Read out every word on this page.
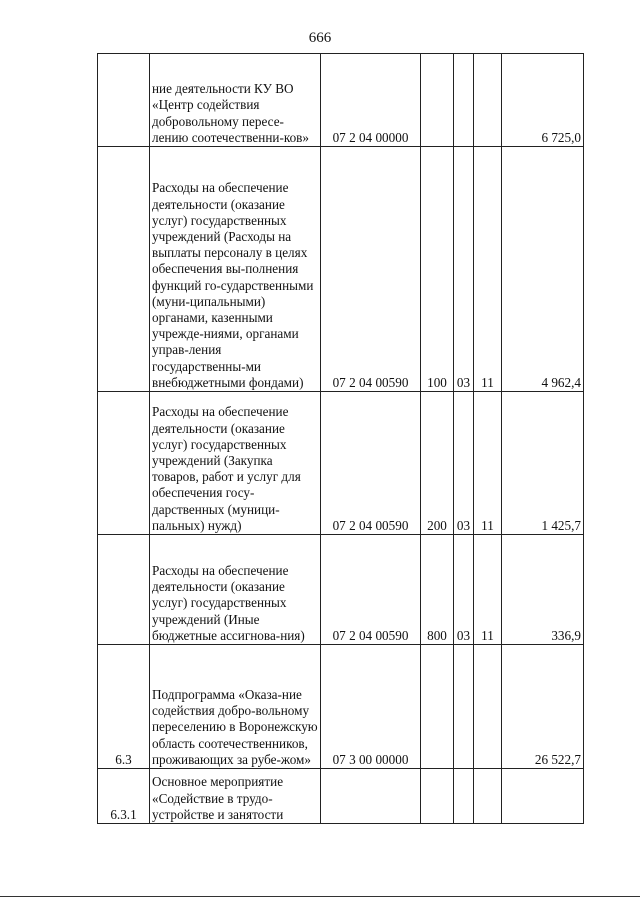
666
	ние деятельности КУ ВО «Центр содействия добровольному пересе-лению соотечественни-ков»	07 2 04 00000				6 725,0
	Расходы на обеспечение деятельности (оказание услуг) государственных учреждений (Расходы на выплаты персоналу в целях обеспечения вы-полнения функций го-сударственными (муни-ципальными) органами, казенными учрежде-ниями, органами управ-ления государственны-ми внебюджетными фондами)	07 2 04 00590	100	03	11	4 962,4
	Расходы на обеспечение деятельности (оказание услуг) государственных учреждений (Закупка товаров, работ и услуг для обеспечения госу-дарственных (муници-пальных) нужд)	07 2 04 00590	200	03	11	1 425,7
	Расходы на обеспечение деятельности (оказание услуг) государственных учреждений (Иные бюджетные ассигнова-ния)	07 2 04 00590	800	03	11	336,9
6.3	Подпрограмма «Оказа-ние содействия добро-вольному переселению в Воронежскую область соотечественников, проживающих за рубе-жом»	07 3 00 00000				26 522,7
6.3.1	Основное мероприятие «Содействие в трудо-устройстве и занятости					
